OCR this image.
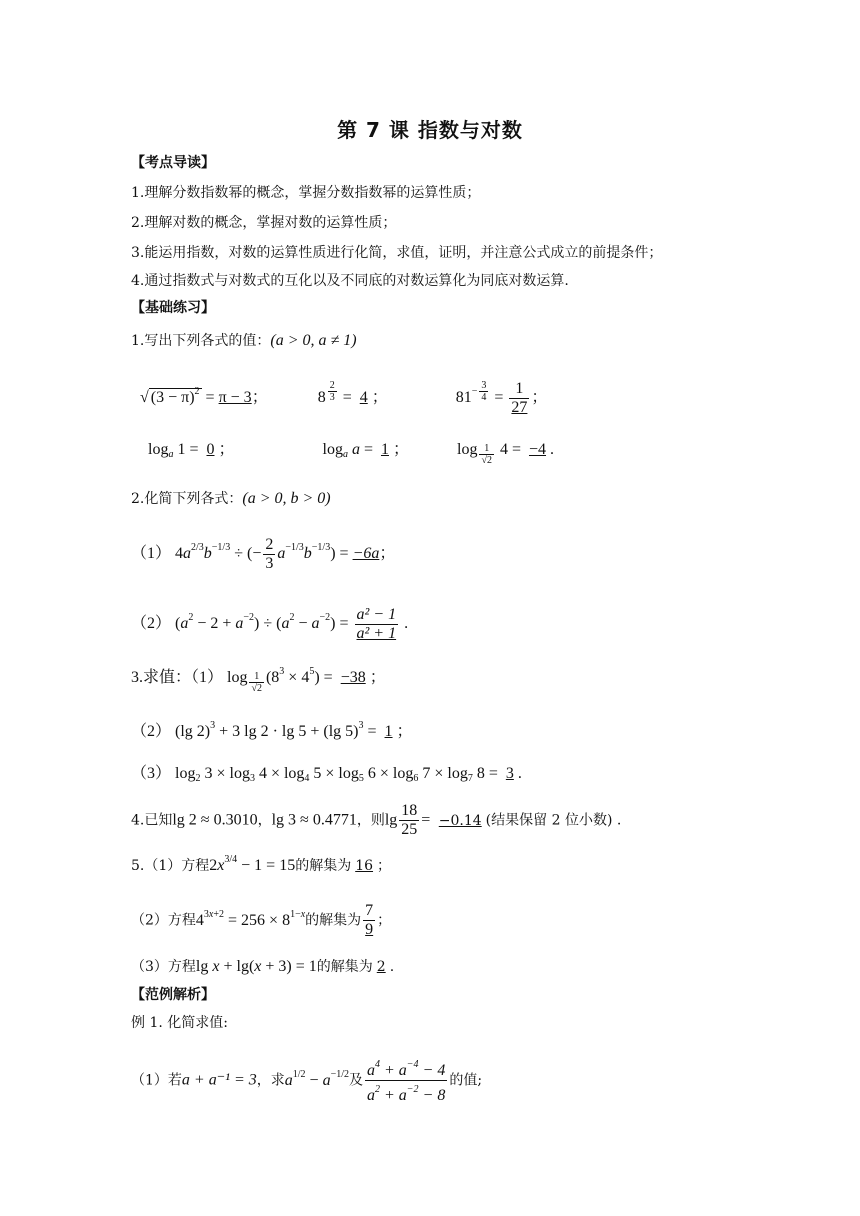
第 7 课 指数与对数
【考点导读】
1.理解分数指数幂的概念，掌握分数指数幂的运算性质；
2.理解对数的概念，掌握对数的运算性质；
3.能运用指数，对数的运算性质进行化简，求值，证明，并注意公式成立的前提条件；
4.通过指数式与对数式的互化以及不同底的对数运算化为同底对数运算.
【基础练习】
1.写出下列各式的值：(a > 0, a ≠ 1)
√ $(3 - \pi)^2 = \pi - 3$；	8 $^{\frac{2}{3}}$ = 4 ；	$81^{- \frac{3}{4}} = \frac{1}{27}$ ；
$\log_a 1 = 0$ ；	$\log_a a = 1$ ；	log $_{\frac{1}{√2}}$ 4 = −4 .
2.化简下列各式：(a > 0, b > 0)
（1） $4a^{2/3}b^{-1/3}$ ÷ (− $\frac{2}{3} a^{-1/3}b^{-1/3}) = -6a$；
（2） $(a^2 - 2 + a^{-2}) \div (a^2 - a^{-2}) = \frac{\text{a² − 1}}{\text{a² + 1}}$ .
3.求值：（1） log $_{\frac{1}{√2}}$ $(8^3 \times 4^5) = -38$ ；
（2） (lg 2)$^3$ + 3 lg 2 · lg 5 + (lg 5)$^3$ = 1 ；
（3） $\log_2 3 \times \log_3 4 \times \log_4 5 \times \log_5 6 \times \log_6 7 \times \log_7 8 = 3$ .
4.已知lg 2 ≈ 0.3010，lg 3 ≈ 0.4771，则$\lg \frac{18}{25} = -0.14$ (结果保留 2 位小数) .
5.（1）方程$2x^{3/4} - 1 = 15$的解集为 16 ；
（2）方程$4^{3x+2} = 256 \times 8^{1-x}$的解集为 $\frac{7}{9}$ ；
（3）方程lg x + lg(x + 3) = 1的解集为 2 .
【范例解析】
例 1. 化简求值:
（1）若a + a⁻¹ = 3，求$a^{1/2} - a^{-1/2}$及 $\frac{a^4 + a^{-4} - 4}{a^2 + a^{-2} - 8}$ 的值;
